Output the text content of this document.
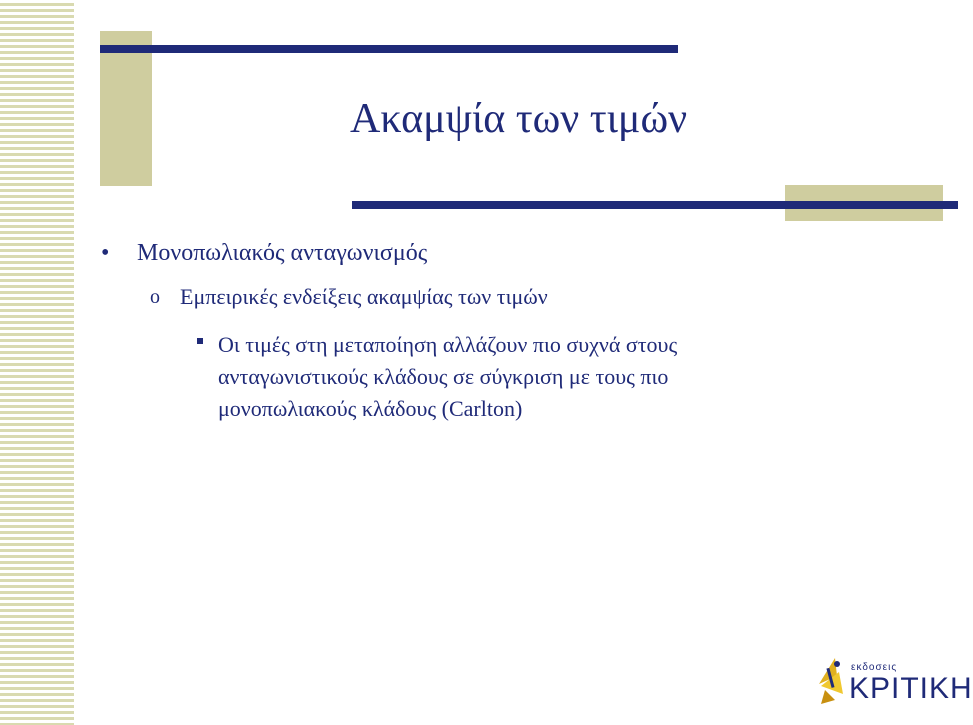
Ακαμψία των τιμών
• Μονοπωλιακός ανταγωνισμός
o Εμπειρικές ενδείξεις ακαμψίας των τιμών
Οι τιμές στη μεταποίηση αλλάζουν πιο συχνά στους
ανταγωνιστικούς κλάδους σε σύγκριση με τους πιο
μονοπωλιακούς κλάδους (Carlton)
εκδοσεις
ΚΡΙΤΙΚΗ
